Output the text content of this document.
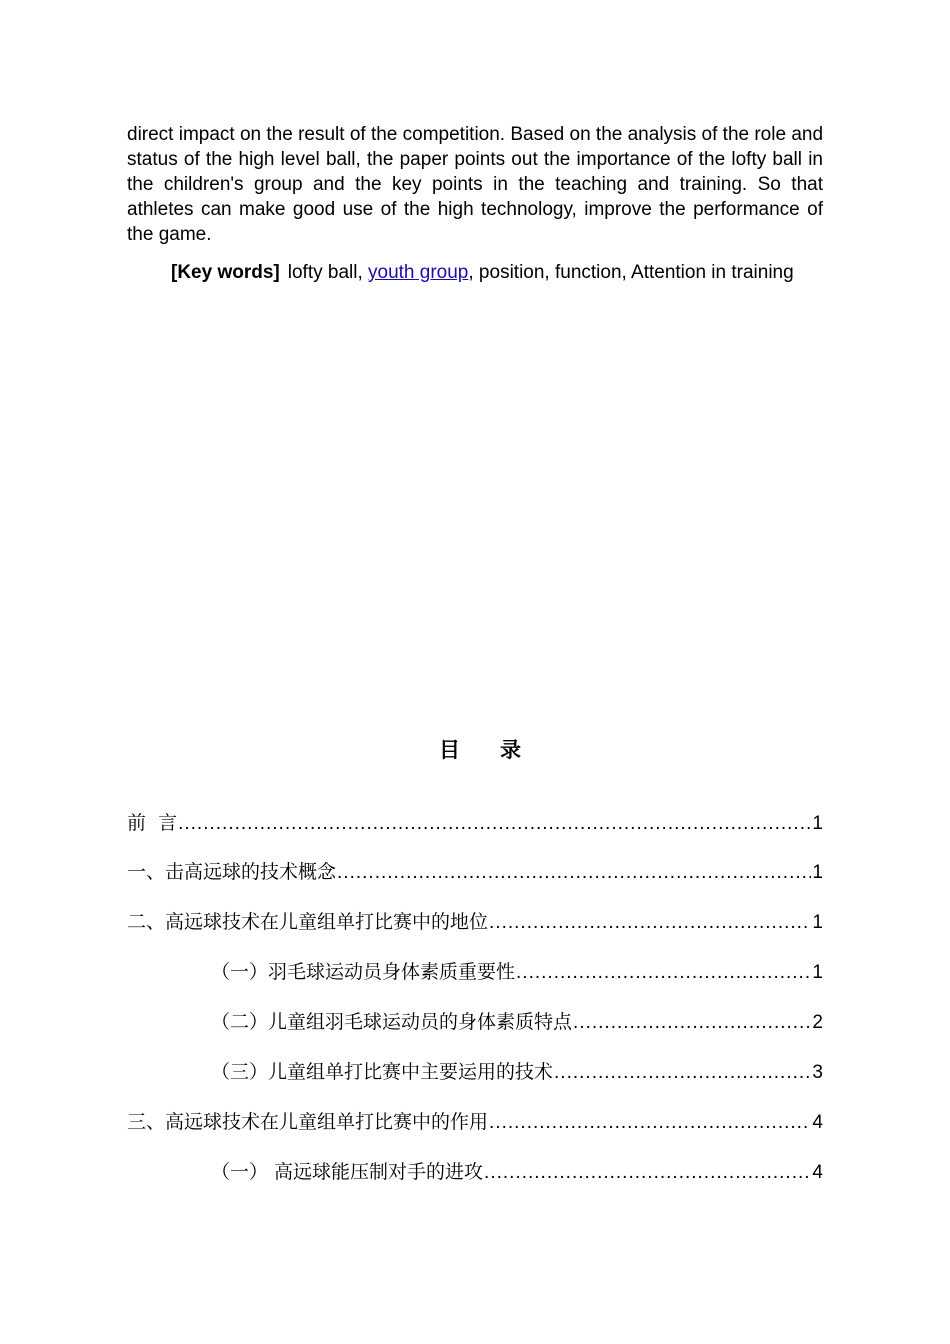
direct impact on the result of the competition. Based on the analysis of the role and status of the high level ball, the paper points out the importance of the lofty ball in the children's group and the key points in the teaching and training. So that athletes can make good use of the high technology, improve the performance of the game.

[Key words] lofty ball, youth group, position, function, Attention in training
目录
前  言 .....	1
一、击高远球的技术概念 .....	1
二、高远球技术在儿童组单打比赛中的地位 .....	1
（一）羽毛球运动员身体素质重要性 .....	1
（二）儿童组羽毛球运动员的身体素质特点 .....	2
（三）儿童组单打比赛中主要运用的技术 .....	3
三、高远球技术在儿童组单打比赛中的作用 .....	4
（一） 高远球能压制对手的进攻 .....	4
